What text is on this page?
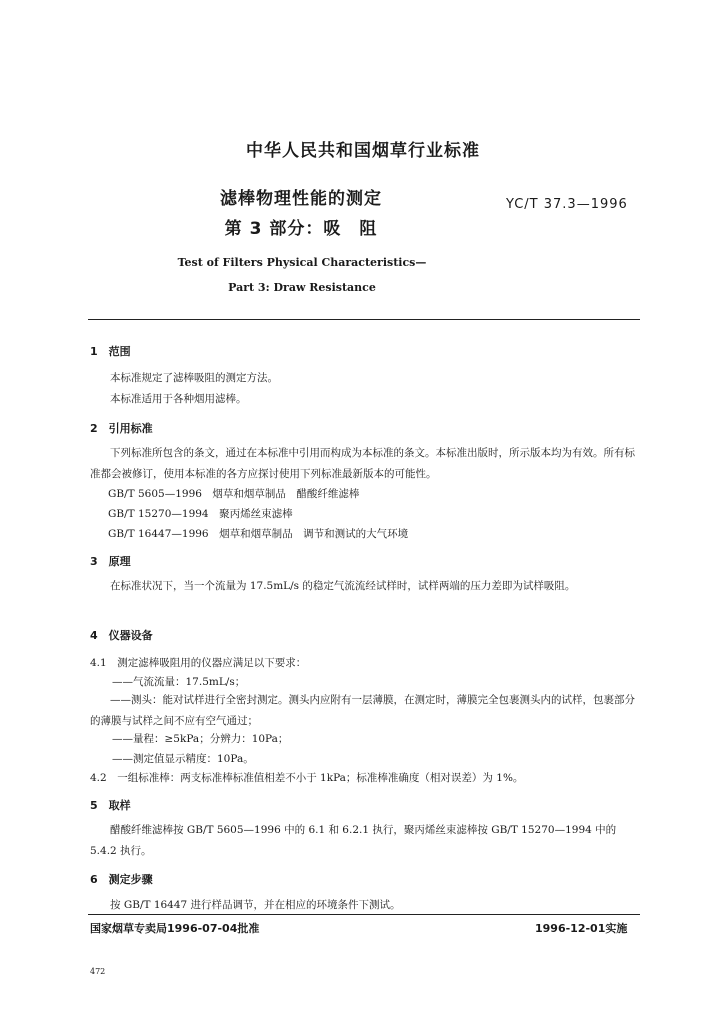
中华人民共和国烟草行业标准
滤棒物理性能的测定
第 3 部分：吸　阻
YC/T 37.3—1996
Test of Filters Physical Characteristics—
Part 3: Draw Resistance
1　范围
本标准规定了滤棒吸阻的测定方法。
本标准适用于各种烟用滤棒。
2　引用标准
下列标准所包含的条文，通过在本标准中引用而构成为本标准的条文。本标准出版时，所示版本均为有效。所有标准都会被修订，使用本标准的各方应探讨使用下列标准最新版本的可能性。
GB/T 5605—1996　烟草和烟草制品　醋酸纤维滤棒
GB/T 15270—1994　聚丙烯丝束滤棒
GB/T 16447—1996　烟草和烟草制品　调节和测试的大气环境
3　原理
在标准状况下，当一个流量为 17.5mL/s 的稳定气流流经试样时，试样两端的压力差即为试样吸阻。
4　仪器设备
4.1　测定滤棒吸阻用的仪器应满足以下要求：
——气流流量：17.5mL/s；
——测头：能对试样进行全密封测定。测头内应附有一层薄膜，在测定时，薄膜完全包裹测头内的试样，包裹部分的薄膜与试样之间不应有空气通过；
——量程：≥5kPa；分辨力：10Pa；
——测定值显示精度：10Pa。
4.2　一组标准棒：两支标准棒标准值相差不小于 1kPa；标准棒准确度（相对误差）为 1%。
5　取样
醋酸纤维滤棒按 GB/T 5605—1996 中的 6.1 和 6.2.1 执行，聚丙烯丝束滤棒按 GB/T 15270—1994 中的 5.4.2 执行。
6　测定步骤
按 GB/T 16447 进行样品调节，并在相应的环境条件下测试。
国家烟草专卖局1996-07-04批准	1996-12-01实施
472
